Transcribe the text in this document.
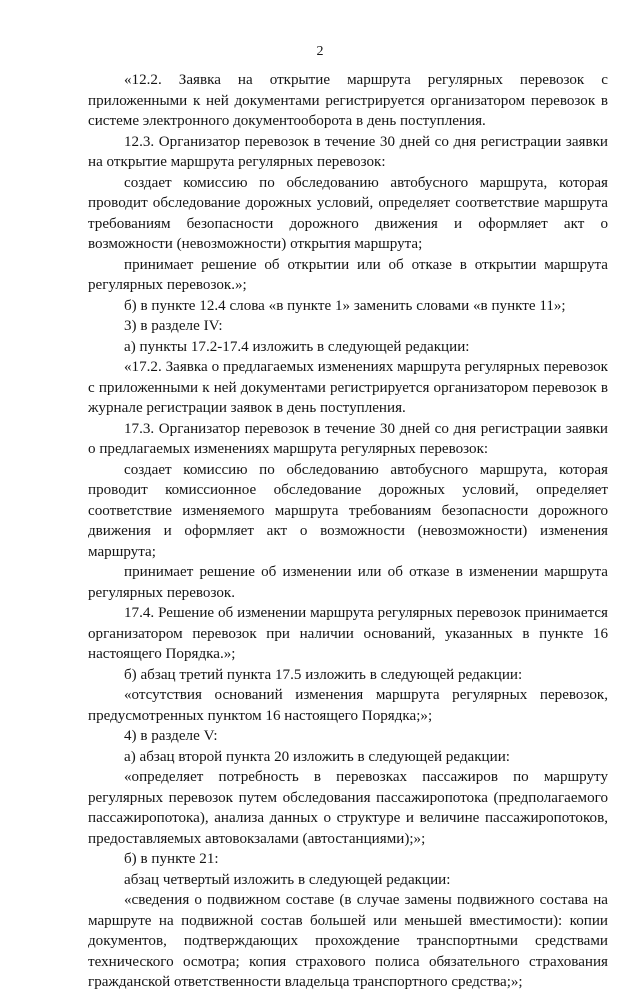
2

«12.2. Заявка на открытие маршрута регулярных перевозок с приложенными к ней документами регистрируется организатором перевозок в системе электронного документооборота в день поступления.

12.3. Организатор перевозок в течение 30 дней со дня регистрации заявки на открытие маршрута регулярных перевозок:

создает комиссию по обследованию автобусного маршрута, которая проводит обследование дорожных условий, определяет соответствие маршрута требованиям безопасности дорожного движения и оформляет акт о возможности (невозможности) открытия маршрута;

принимает решение об открытии или об отказе в открытии маршрута регулярных перевозок.»;

б) в пункте 12.4 слова «в пункте 1» заменить словами «в пункте 11»;

3) в разделе IV:

а) пункты 17.2-17.4 изложить в следующей редакции:

«17.2. Заявка о предлагаемых изменениях маршрута регулярных перевозок с приложенными к ней документами регистрируется организатором перевозок в журнале регистрации заявок в день поступления.

17.3. Организатор перевозок в течение 30 дней со дня регистрации заявки о предлагаемых изменениях маршрута регулярных перевозок:

создает комиссию по обследованию автобусного маршрута, которая проводит комиссионное обследование дорожных условий, определяет соответствие изменяемого маршрута требованиям безопасности дорожного движения и оформляет акт о возможности (невозможности) изменения маршрута;

принимает решение об изменении или об отказе в изменении маршрута регулярных перевозок.

17.4. Решение об изменении маршрута регулярных перевозок принимается организатором перевозок при наличии оснований, указанных в пункте 16 настоящего Порядка.»;

б) абзац третий пункта 17.5 изложить в следующей редакции:

«отсутствия оснований изменения маршрута регулярных перевозок, предусмотренных пунктом 16 настоящего Порядка;»;

4) в разделе V:

а) абзац второй пункта 20 изложить в следующей редакции:

«определяет потребность в перевозках пассажиров по маршруту регулярных перевозок путем обследования пассажиропотока (предполагаемого пассажиропотока), анализа данных о структуре и величине пассажиропотоков, предоставляемых автовокзалами (автостанциями);»;

б) в пункте 21:

абзац четвертый изложить в следующей редакции:

«сведения о подвижном составе (в случае замены подвижного состава на маршруте на подвижной состав большей или меньшей вместимости): копии документов, подтверждающих прохождение транспортными средствами технического осмотра; копия страхового полиса обязательного страхования гражданской ответственности владельца транспортного средства;»;
